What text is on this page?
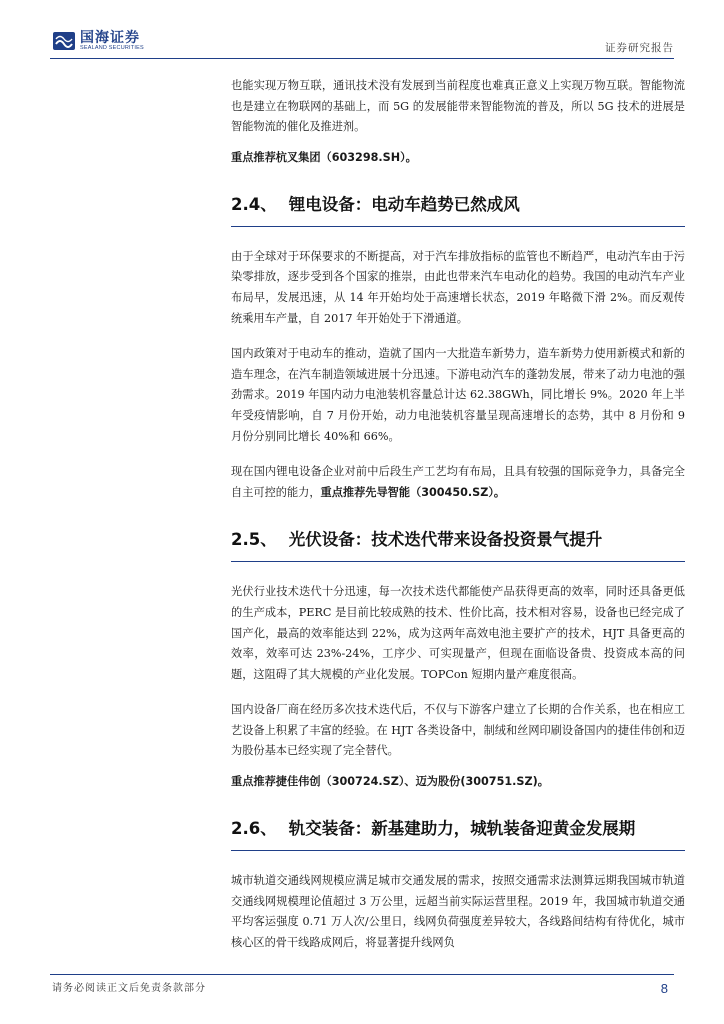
国海证券
SEALAND SECURITIES	证券研究报告

也能实现万物互联，通讯技术没有发展到当前程度也难真正意义上实现万物互联。智能物流也是建立在物联网的基础上，而 5G 的发展能带来智能物流的普及，所以 5G 技术的进展是智能物流的催化及推进剂。

重点推荐杭叉集团（603298.SH）。

2.4、 锂电设备：电动车趋势已然成风

由于全球对于环保要求的不断提高，对于汽车排放指标的监管也不断趋严，电动汽车由于污染零排放，逐步受到各个国家的推崇，由此也带来汽车电动化的趋势。我国的电动汽车产业布局早，发展迅速，从 14 年开始均处于高速增长状态，2019 年略微下滑 2%。而反观传统乘用车产量，自 2017 年开始处于下滑通道。

国内政策对于电动车的推动，造就了国内一大批造车新势力，造车新势力使用新模式和新的造车理念，在汽车制造领域进展十分迅速。下游电动汽车的蓬勃发展，带来了动力电池的强劲需求。2019 年国内动力电池装机容量总计达 62.38GWh，同比增长 9%。2020 年上半年受疫情影响，自 7 月份开始，动力电池装机容量呈现高速增长的态势，其中 8 月份和 9 月份分别同比增长 40%和 66%。

现在国内锂电设备企业对前中后段生产工艺均有布局，且具有较强的国际竞争力，具备完全自主可控的能力，重点推荐先导智能（300450.SZ）。

2.5、 光伏设备：技术迭代带来设备投资景气提升

光伏行业技术迭代十分迅速，每一次技术迭代都能使产品获得更高的效率，同时还具备更低的生产成本，PERC 是目前比较成熟的技术、性价比高，技术相对容易，设备也已经完成了国产化，最高的效率能达到 22%，成为这两年高效电池主要扩产的技术，HJT 具备更高的效率，效率可达 23%-24%，工序少、可实现量产，但现在面临设备贵、投资成本高的问题，这阻碍了其大规模的产业化发展。TOPCon 短期内量产难度很高。

国内设备厂商在经历多次技术迭代后，不仅与下游客户建立了长期的合作关系，也在相应工艺设备上积累了丰富的经验。在 HJT 各类设备中，制绒和丝网印刷设备国内的捷佳伟创和迈为股份基本已经实现了完全替代。

重点推荐捷佳伟创（300724.SZ）、迈为股份(300751.SZ)。

2.6、 轨交装备：新基建助力，城轨装备迎黄金发展期

城市轨道交通线网规模应满足城市交通发展的需求，按照交通需求法测算远期我国城市轨道交通线网规模理论值超过 3 万公里，远超当前实际运营里程。2019 年，我国城市轨道交通平均客运强度 0.71 万人次/公里日，线网负荷强度差异较大，各线路间结构有待优化，城市核心区的骨干线路成网后，将显著提升线网负

请务必阅读正文后免责条款部分	8
